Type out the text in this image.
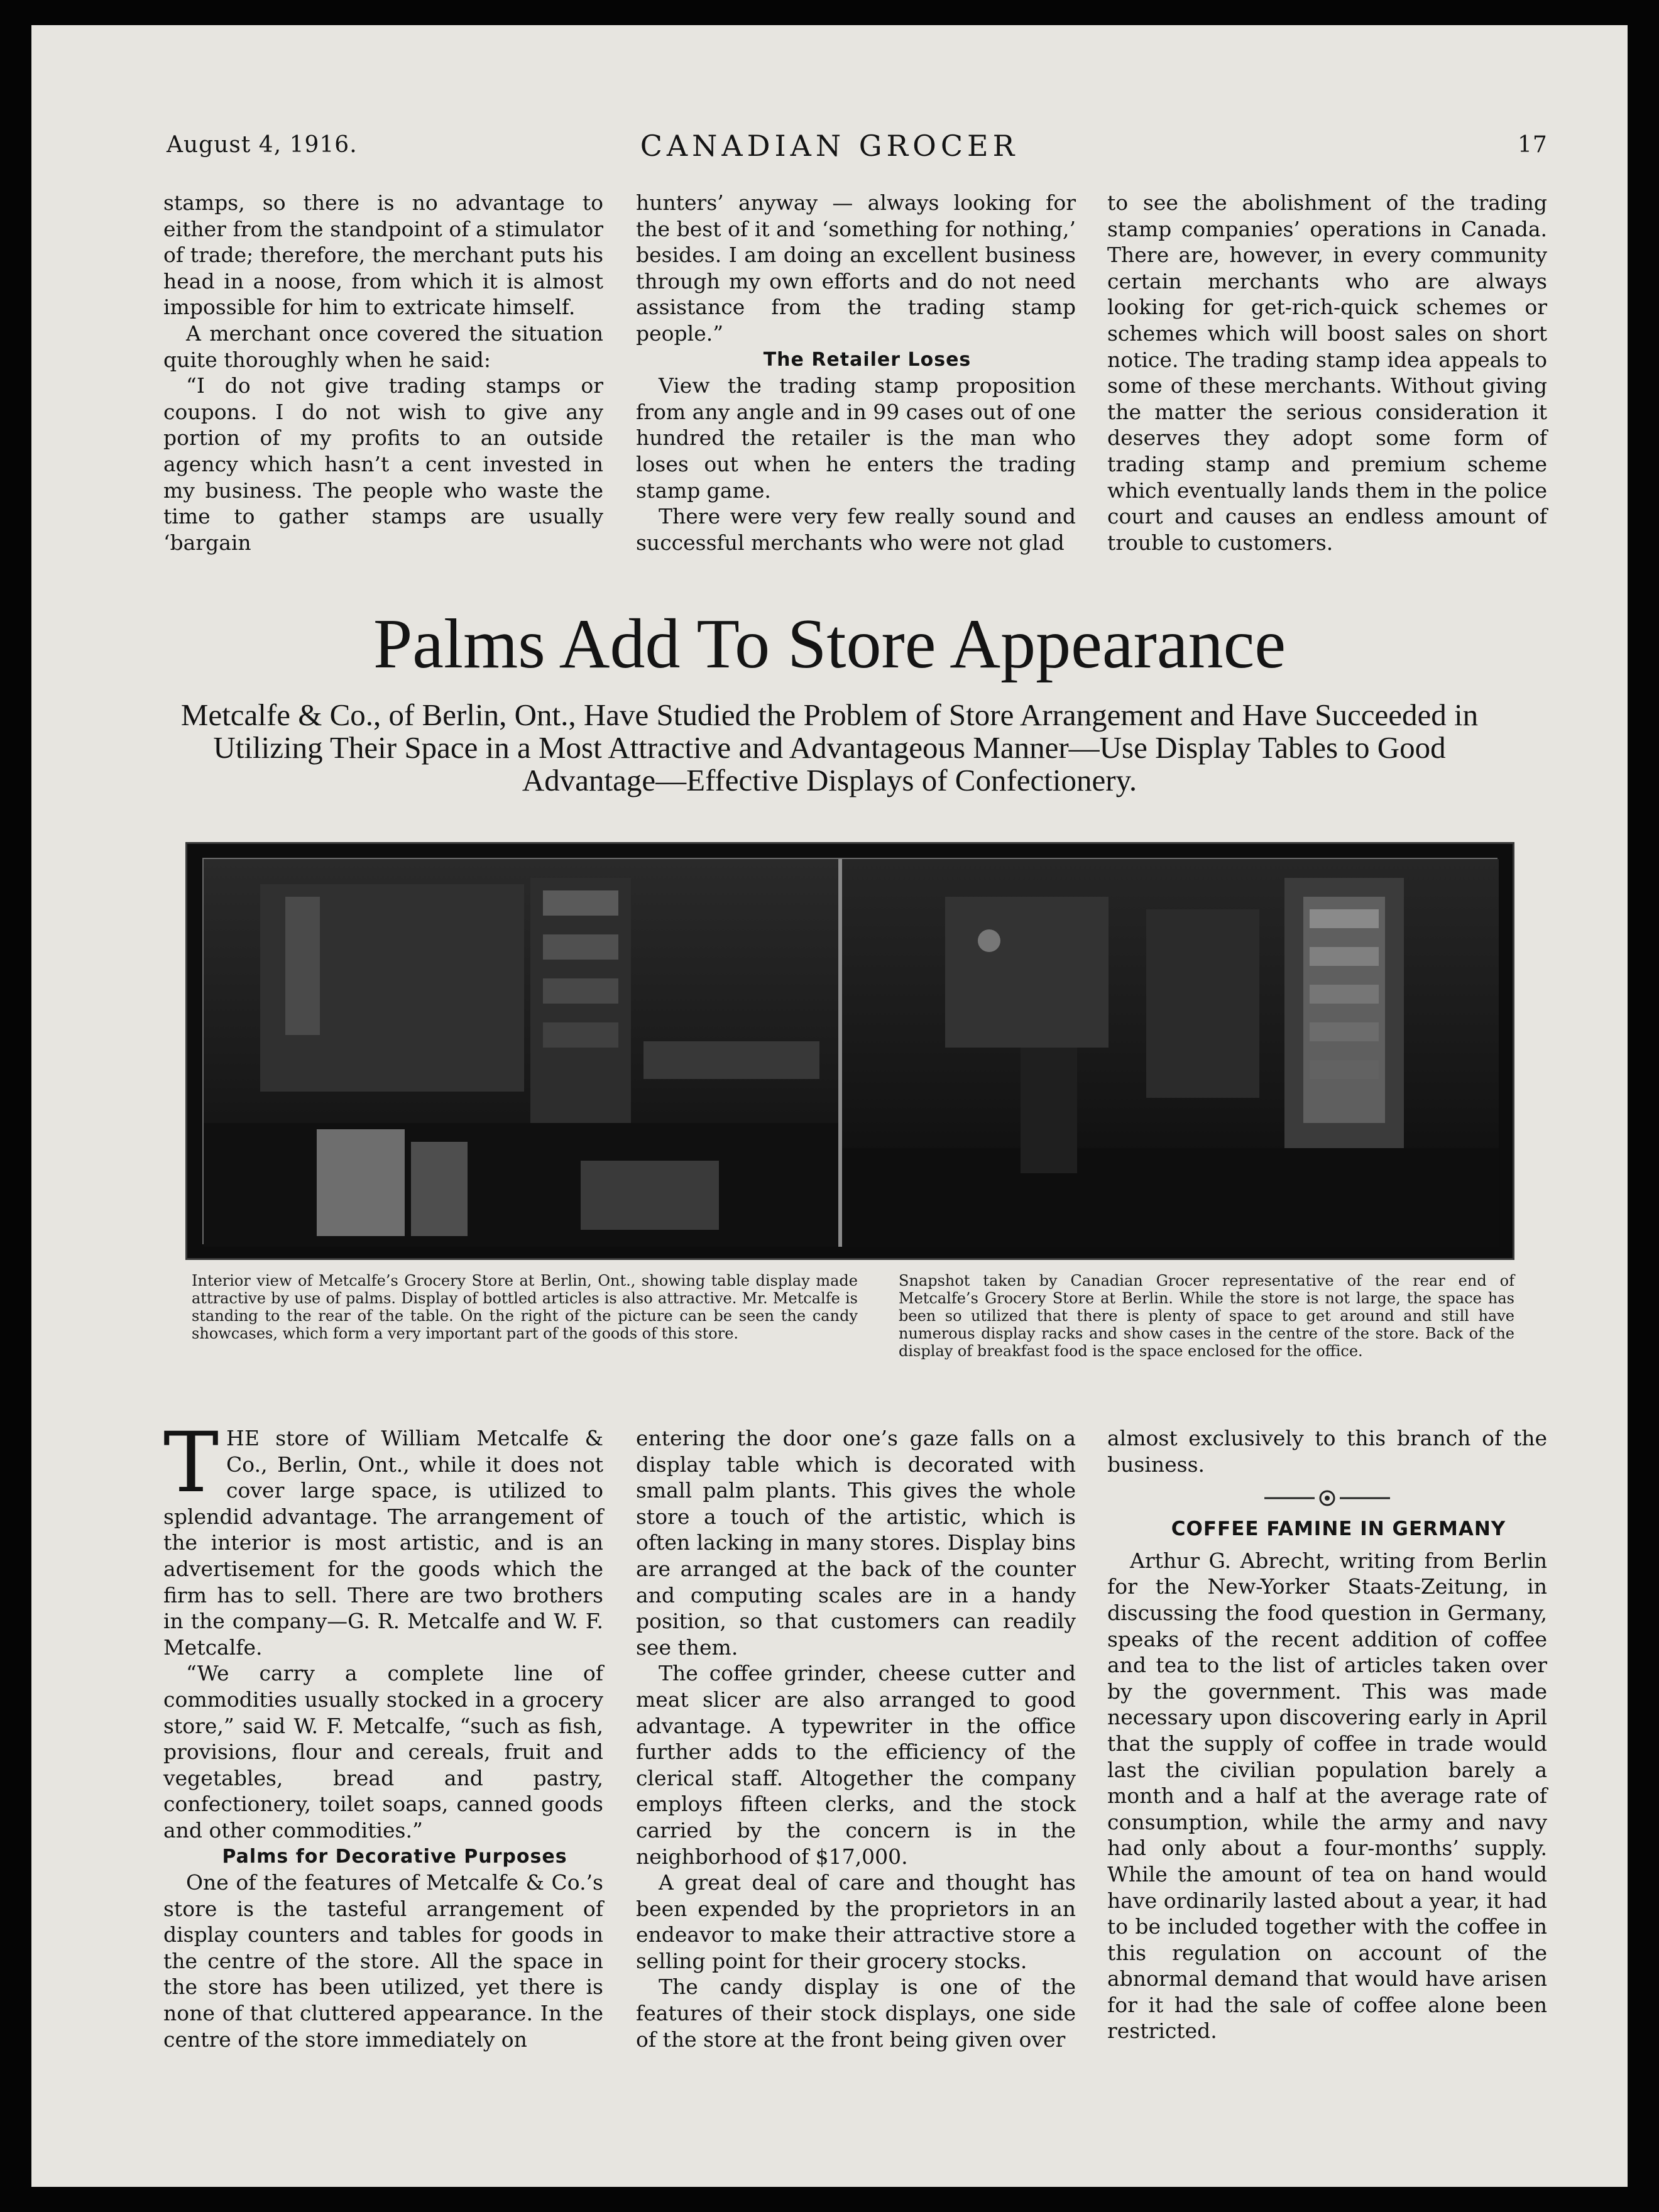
August 4, 1916.	CANADIAN GROCER	17

stamps, so there is no advantage to either from the standpoint of a stimulator of trade; therefore, the merchant puts his head in a noose, from which it is almost impossible for him to extricate himself.

A merchant once covered the situation quite thoroughly when he said:

“I do not give trading stamps or coupons. I do not wish to give any portion of my profits to an outside agency which hasn’t a cent invested in my business. The people who waste the time to gather stamps are usually ‘bargain

hunters’ anyway — always looking for the best of it and ‘something for nothing,’ besides. I am doing an excellent business through my own efforts and do not need assistance from the trading stamp people.”

The Retailer Loses

View the trading stamp proposition from any angle and in 99 cases out of one hundred the retailer is the man who loses out when he enters the trading stamp game.

There were very few really sound and successful merchants who were not glad

to see the abolishment of the trading stamp companies’ operations in Canada. There are, however, in every community certain merchants who are always looking for get-rich-quick schemes or schemes which will boost sales on short notice. The trading stamp idea appeals to some of these merchants. Without giving the matter the serious consideration it deserves they adopt some form of trading stamp and premium scheme which eventually lands them in the police court and causes an endless amount of trouble to customers.

Palms Add To Store Appearance
Metcalfe & Co., of Berlin, Ont., Have Studied the Problem of Store Arrangement and Have Succeeded in Utilizing Their Space in a Most Attractive and Advantageous Manner—Use Display Tables to Good Advantage—Effective Displays of Confectionery.
Interior view of Metcalfe’s Grocery Store at Berlin, Ont., showing table display made attractive by use of palms. Display of bottled articles is also attractive. Mr. Metcalfe is standing to the rear of the table. On the right of the picture can be seen the candy showcases, which form a very important part of the goods of this store.
Snapshot taken by Canadian Grocer representative of the rear end of Metcalfe’s Grocery Store at Berlin. While the store is not large, the space has been so utilized that there is plenty of space to get around and still have numerous display racks and show cases in the centre of the store. Back of the display of breakfast food is the space enclosed for the office.

THE store of William Metcalfe & Co., Berlin, Ont., while it does not cover large space, is utilized to splendid advantage. The arrangement of the interior is most artistic, and is an advertisement for the goods which the firm has to sell. There are two brothers in the company—G. R. Metcalfe and W. F. Metcalfe.

“We carry a complete line of commodities usually stocked in a grocery store,” said W. F. Metcalfe, “such as fish, provisions, flour and cereals, fruit and vegetables, bread and pastry, confectionery, toilet soaps, canned goods and other commodities.”

Palms for Decorative Purposes

One of the features of Metcalfe & Co.’s store is the tasteful arrangement of display counters and tables for goods in the centre of the store. All the space in the store has been utilized, yet there is none of that cluttered appearance. In the centre of the store immediately on

entering the door one’s gaze falls on a display table which is decorated with small palm plants. This gives the whole store a touch of the artistic, which is often lacking in many stores. Display bins are arranged at the back of the counter and computing scales are in a handy position, so that customers can readily see them.

The coffee grinder, cheese cutter and meat slicer are also arranged to good advantage. A typewriter in the office further adds to the efficiency of the clerical staff. Altogether the company employs fifteen clerks, and the stock carried by the concern is in the neighborhood of $17,000.

A great deal of care and thought has been expended by the proprietors in an endeavor to make their attractive store a selling point for their grocery stocks.

The candy display is one of the features of their stock displays, one side of the store at the front being given over

almost exclusively to this branch of the business.

COFFEE FAMINE IN GERMANY

Arthur G. Abrecht, writing from Berlin for the New-Yorker Staats-Zeitung, in discussing the food question in Germany, speaks of the recent addition of coffee and tea to the list of articles taken over by the government. This was made necessary upon discovering early in April that the supply of coffee in trade would last the civilian population barely a month and a half at the average rate of consumption, while the army and navy had only about a four-months’ supply. While the amount of tea on hand would have ordinarily lasted about a year, it had to be included together with the coffee in this regulation on account of the abnormal demand that would have arisen for it had the sale of coffee alone been restricted.
